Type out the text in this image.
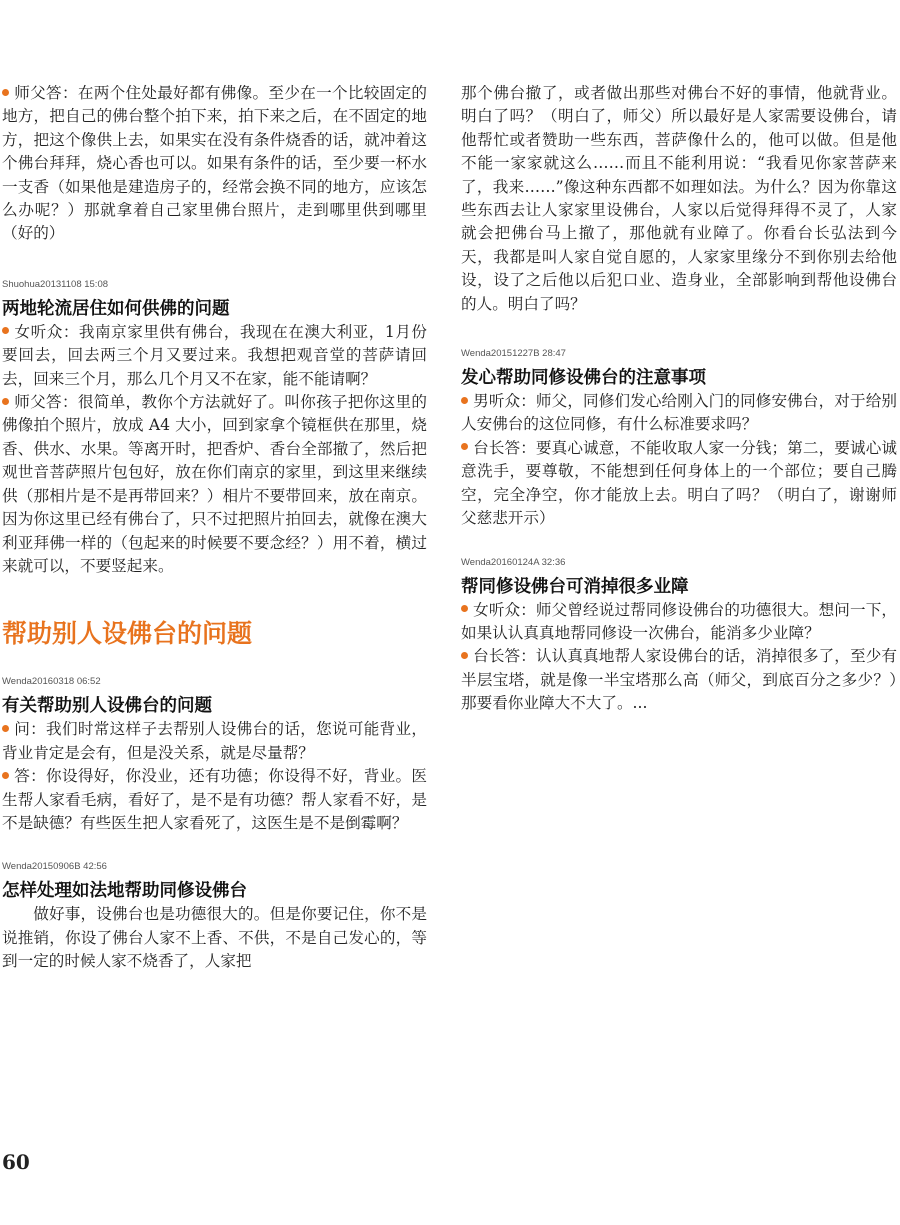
师父答：在两个住处最好都有佛像。至少在一个比较固定的地方，把自己的佛台整个拍下来，拍下来之后，在不固定的地方，把这个像供上去，如果实在没有条件烧香的话，就冲着这个佛台拜拜，烧心香也可以。如果有条件的话，至少要一杯水一支香（如果他是建造房子的，经常会换不同的地方，应该怎么办呢？）那就拿着自己家里佛台照片，走到哪里供到哪里（好的）

Shuohua20131108 15:08
两地轮流居住如何供佛的问题

女听众：我南京家里供有佛台，我现在在澳大利亚，1月份要回去，回去两三个月又要过来。我想把观音堂的菩萨请回去，回来三个月，那么几个月又不在家，能不能请啊？

师父答：很简单，教你个方法就好了。叫你孩子把你这里的佛像拍个照片，放成 A4 大小，回到家拿个镜框供在那里，烧香、供水、水果。等离开时，把香炉、香台全部撤了，然后把观世音菩萨照片包包好，放在你们南京的家里，到这里来继续供（那相片是不是再带回来？）相片不要带回来，放在南京。因为你这里已经有佛台了，只不过把照片拍回去，就像在澳大利亚拜佛一样的（包起来的时候要不要念经？）用不着，横过来就可以，不要竖起来。

帮助别人设佛台的问题
Wenda20160318 06:52
有关帮助别人设佛台的问题

问：我们时常这样子去帮别人设佛台的话，您说可能背业，背业肯定是会有，但是没关系，就是尽量帮？

答：你设得好，你没业，还有功德；你设得不好，背业。医生帮人家看毛病，看好了，是不是有功德？帮人家看不好，是不是缺德？有些医生把人家看死了，这医生是不是倒霉啊？

Wenda20150906B 42:56
怎样处理如法地帮助同修设佛台

做好事，设佛台也是功德很大的。但是你要记住，你不是说推销，你设了佛台人家不上香、不供，不是自己发心的，等到一定的时候人家不烧香了，人家把

那个佛台撤了，或者做出那些对佛台不好的事情，他就背业。明白了吗？（明白了，师父）所以最好是人家需要设佛台，请他帮忙或者赞助一些东西，菩萨像什么的，他可以做。但是他不能一家家就这么……而且不能利用说：“我看见你家菩萨来了，我来……”像这种东西都不如理如法。为什么？因为你靠这些东西去让人家家里设佛台，人家以后觉得拜得不灵了，人家就会把佛台马上撤了，那他就有业障了。你看台长弘法到今天，我都是叫人家自觉自愿的，人家家里缘分不到你别去给他设，设了之后他以后犯口业、造身业，全部影响到帮他设佛台的人。明白了吗？

Wenda20151227B 28:47
发心帮助同修设佛台的注意事项

男听众：师父，同修们发心给刚入门的同修安佛台，对于给别人安佛台的这位同修，有什么标准要求吗？

台长答：要真心诚意，不能收取人家一分钱；第二，要诚心诚意洗手，要尊敬，不能想到任何身体上的一个部位；要自己腾空，完全净空，你才能放上去。明白了吗？（明白了，谢谢师父慈悲开示）

Wenda20160124A 32:36
帮同修设佛台可消掉很多业障

女听众：师父曾经说过帮同修设佛台的功德很大。想问一下，如果认认真真地帮同修设一次佛台，能消多少业障？

台长答：认认真真地帮人家设佛台的话，消掉很多了，至少有半层宝塔，就是像一半宝塔那么高（师父，到底百分之多少？）那要看你业障大不大了。...

60
